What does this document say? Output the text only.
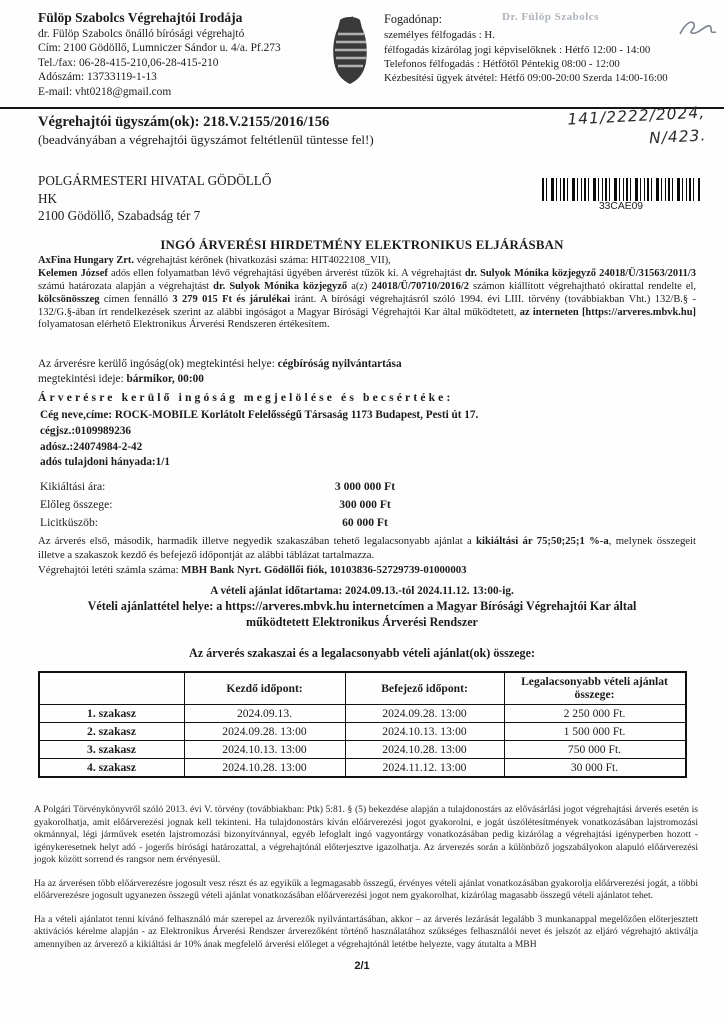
Fülöp Szabolcs Végrehajtói Irodája
dr. Fülöp Szabolcs önálló bírósági végrehajtó
Cím: 2100 Gödöllő, Lumniczer Sándor u. 4/a. Pf.273
Tel./fax: 06-28-415-210,06-28-415-210
Adószám: 13733119-1-13
E-mail: vht0218@gmail.com
Dr. Fülöp Szabolcs
Fogadónap:
személyes félfogadás : H.
félfogadás kizárólag jogi képviselőknek : Hétfő 12:00 - 14:00
Telefonos félfogadás : Hétfőtől Péntekig 08:00 - 12:00
Kézbesítési ügyek átvétel: Hétfő 09:00-20:00 Szerda 14:00-16:00
Végrehajtói ügyszám(ok): 218.V.2155/2016/156
(beadványában a végrehajtói ügyszámot feltétlenül tüntesse fel!)
141/2222/2024,
N/423.
POLGÁRMESTERI HIVATAL GÖDÖLLŐ
HK
2100 Gödöllő, Szabadság tér 7
33CAE09
INGÓ ÁRVERÉSI HIRDETMÉNY ELEKTRONIKUS ELJÁRÁSBAN
AxFina Hungary Zrt. végrehajtást kérőnek (hivatkozási száma: HIT4022108_VII),
Kelemen József adós ellen folyamatban lévő végrehajtási ügyében árverést tűzök ki. A végrehajtást dr. Sulyok Mónika közjegyző 24018/Ü/31563/2011/3 számú határozata alapján a végrehajtást dr. Sulyok Mónika közjegyző a(z) 24018/Ü/70710/2016/2 számon kiállított végrehajtható okirattal rendelte el, kölcsönösszeg címen fennálló 3 279 015 Ft és járulékai iránt. A bírósági végrehajtásról szóló 1994. évi LIII. törvény (továbbiakban Vht.) 132/B.§ - 132/G.§-ában írt rendelkezések szerint az alábbi ingóságot a Magyar Bírósági Végrehajtói Kar által működtetett, az interneten [https://arveres.mbvk.hu] folyamatosan elérhető Elektronikus Árverési Rendszeren értékesítem.
Az árverésre kerülő ingóság(ok) megtekintési helye: cégbíróság nyilvántartása
megtekintési ideje: bármikor, 00:00
Árverésre kerülő ingóság megjelölése és becsértéke:
Cég neve,címe: ROCK-MOBILE Korlátolt Felelősségű Társaság 1173 Budapest, Pesti út 17.
cégjsz.:0109989236
adósz.:24074984-2-42
adós tulajdoni hányada:1/1
Kikiáltási ára:	3 000 000 Ft
Előleg összege:	300 000 Ft
Licitküszöb:	60 000 Ft
Az árverés első, második, harmadik illetve negyedik szakaszában tehető legalacsonyabb ajánlat a kikiáltási ár 75;50;25;1 %-a, melynek összegeit illetve a szakaszok kezdő és befejező időpontját az alábbi táblázat tartalmazza.
Végrehajtói letéti számla száma: MBH Bank Nyrt. Gödöllői fiók, 10103836-52729739-01000003
A vételi ajánlat időtartama: 2024.09.13.-tól 2024.11.12. 13:00-ig.
Vételi ajánlattétel helye: a https://arveres.mbvk.hu internetcímen a Magyar Bírósági Végrehajtói Kar által működtetett Elektronikus Árverési Rendszer
Az árverés szakaszai és a legalacsonyabb vételi ajánlat(ok) összege:
	Kezdő időpont:	Befejező időpont:	Legalacsonyabb vételi ajánlat összege:
1. szakasz	2024.09.13.	2024.09.28. 13:00	2 250 000 Ft.
2. szakasz	2024.09.28. 13:00	2024.10.13. 13:00	1 500 000 Ft.
3. szakasz	2024.10.13. 13:00	2024.10.28. 13:00	750 000 Ft.
4. szakasz	2024.10.28. 13:00	2024.11.12. 13:00	30 000 Ft.

A Polgári Törvénykönyvről szóló 2013. évi V. törvény (továbbiakban: Ptk) 5:81. § (5) bekezdése alapján a tulajdonostárs az elővásárlási jogot végrehajtási árverés esetén is gyakorolhatja, amit előárverezési jognak kell tekinteni. Ha tulajdonostárs kíván előárverezési jogot gyakorolni, e jogát úszólétesítmények vonatkozásában lajstromozási okmánnyal, légi járművek esetén lajstromozási bizonyítvánnyal, egyéb lefoglalt ingó vagyontárgy vonatkozásában pedig kizárólag a végrehajtási igényperben hozott - igénykeresetnek helyt adó - jogerős bírósági határozattal, a végrehajtónál előterjesztve igazolhatja. Az árverezés során a különböző jogszabályokon alapuló előárverezési jogok között sorrend és rangsor nem érvényesül.

Ha az árverésen több előárverezésre jogosult vesz részt és az egyikük a legmagasabb összegű, érvényes vételi ajánlat vonatkozásában gyakorolja előárverezési jogát, a többi előárverezésre jogosult ugyanezen összegű vételi ajánlat vonatkozásában előárverezési jogot nem gyakorolhat, kizárólag magasabb összegű vételi ajánlatot tehet.

Ha a vételi ajánlatot tenni kívánó felhasználó már szerepel az árverezők nyilvántartásában, akkor – az árverés lezárását legalább 3 munkanappal megelőzően előterjesztett aktivációs kérelme alapján - az Elektronikus Árverési Rendszer árverezőként történő használatához szükséges felhasználói nevet és jelszót az eljáró végrehajtó aktiválja amennyiben az árverező a kikiáltási ár 10% ának megfelelő árverési előleget a végrehajtónál letétbe helyezte, vagy átutalta a MBH

2/1
